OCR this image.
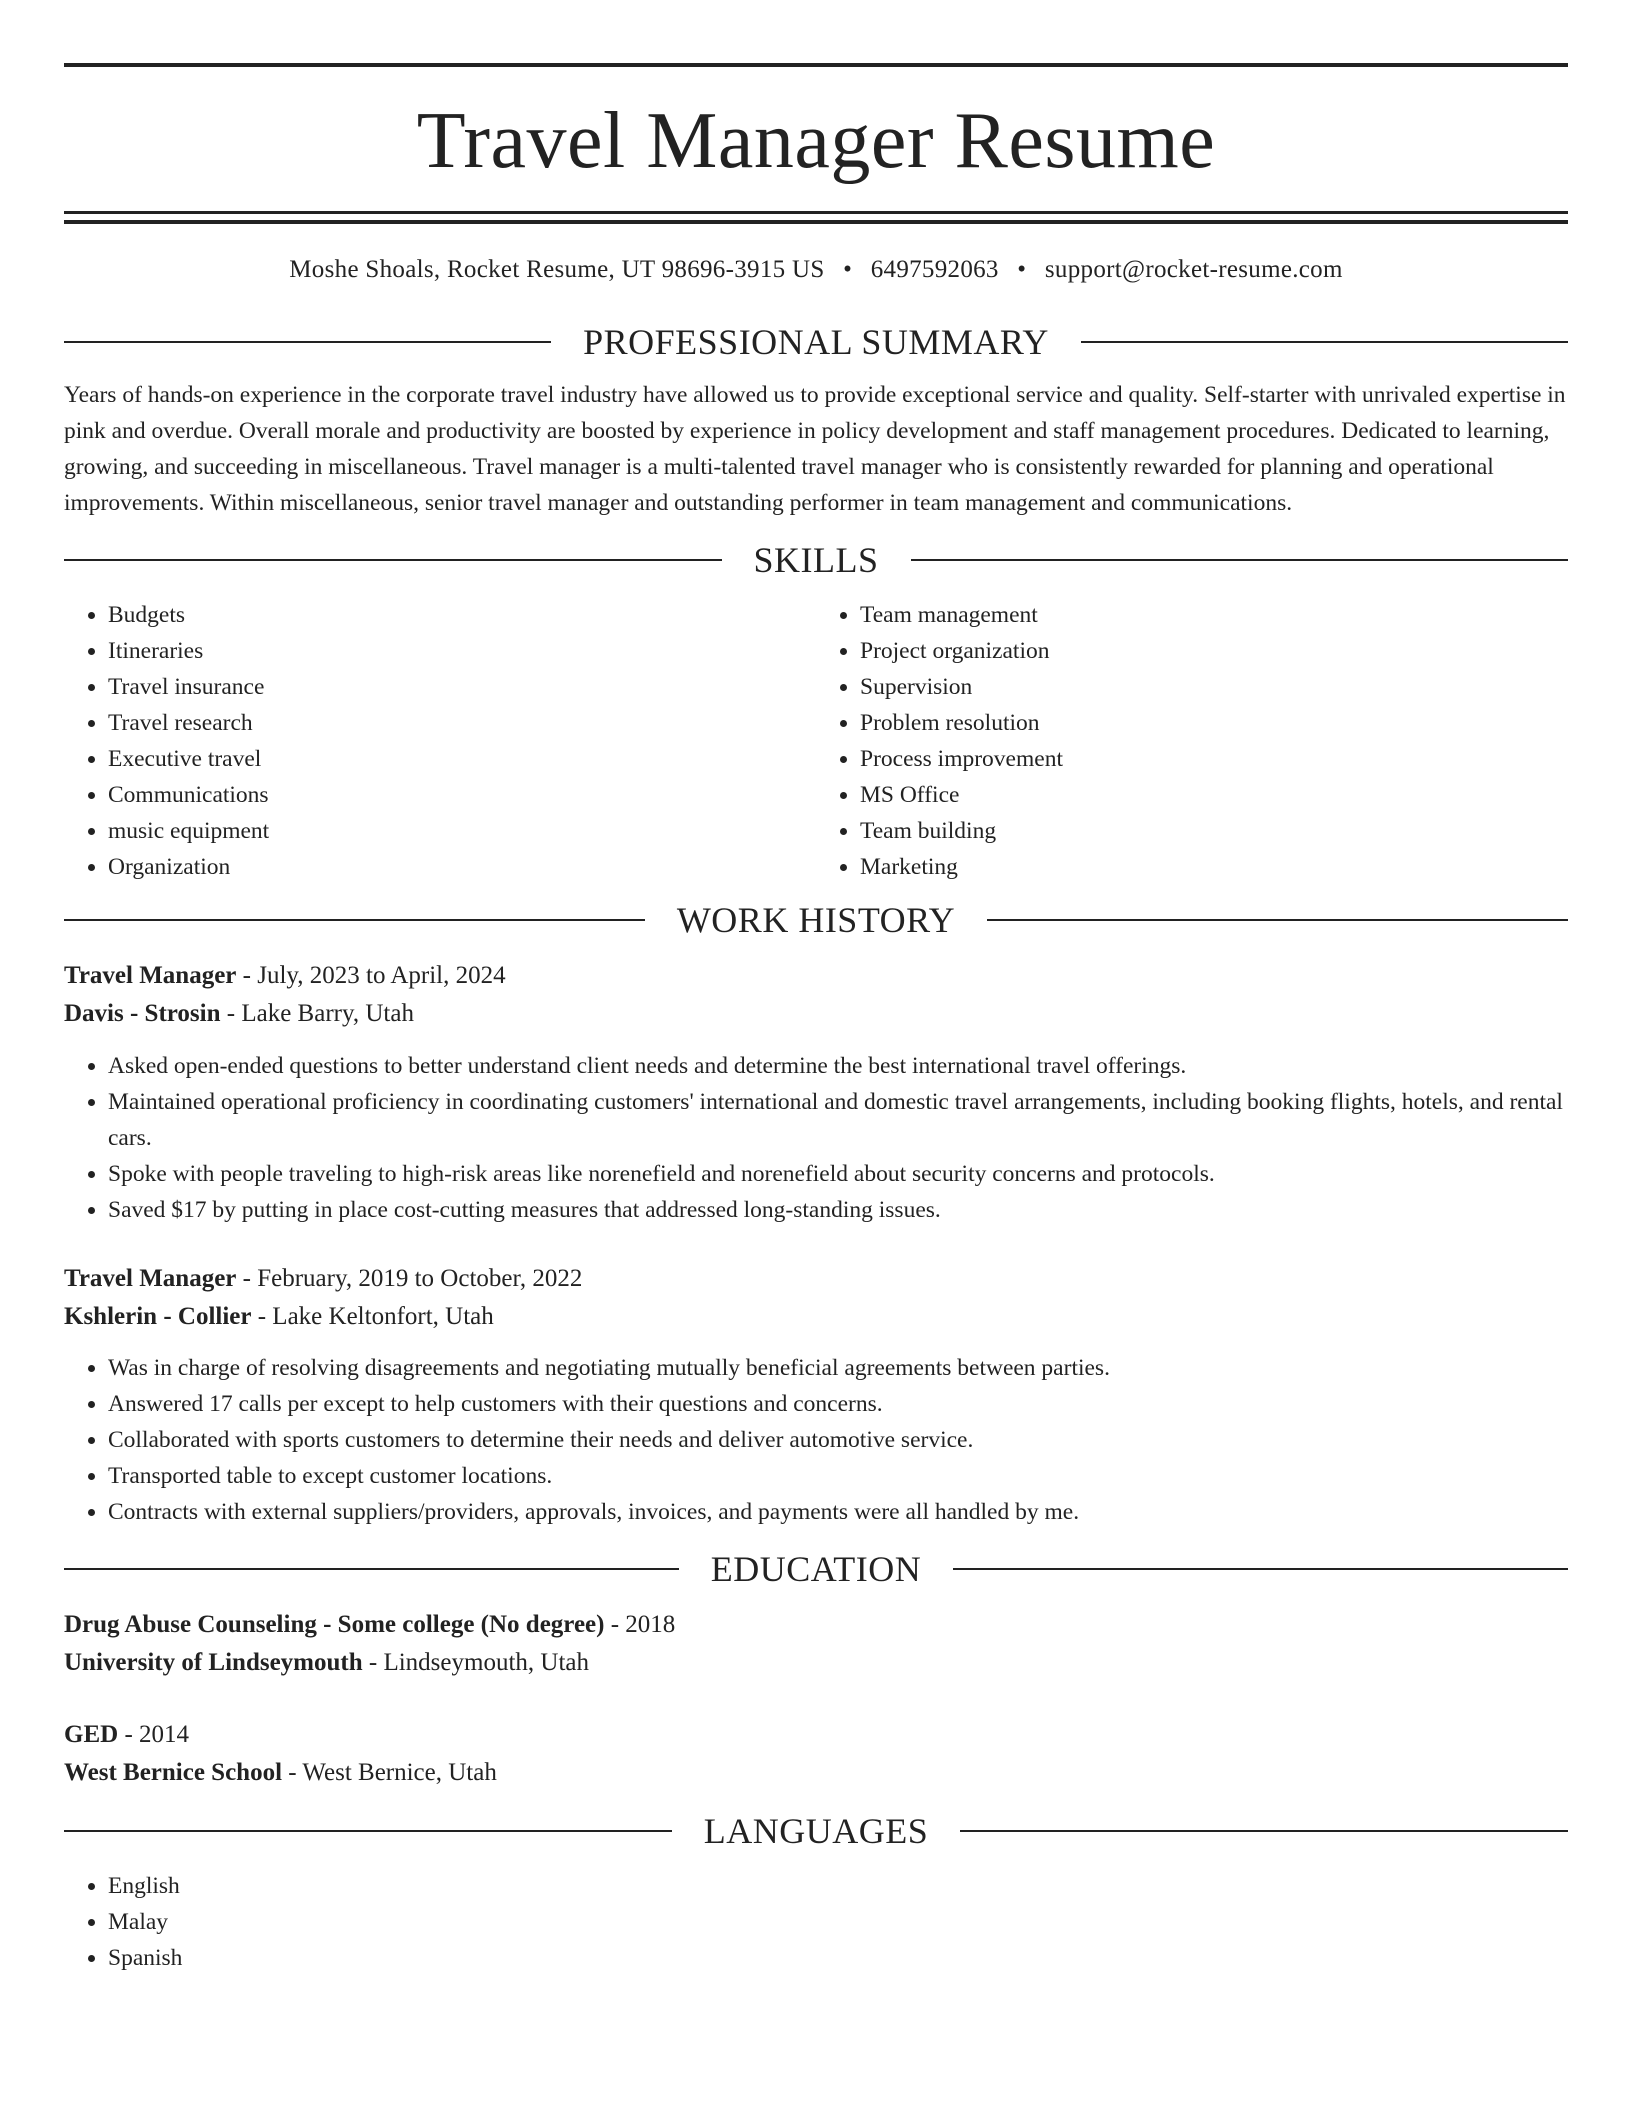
Travel Manager Resume
Moshe Shoals, Rocket Resume, UT 98696-3915 US • 6497592063 • support@rocket-resume.com
PROFESSIONAL SUMMARY

Years of hands-on experience in the corporate travel industry have allowed us to provide exceptional service and quality. Self-starter with unrivaled expertise in pink and overdue. Overall morale and productivity are boosted by experience in policy development and staff management procedures. Dedicated to learning, growing, and succeeding in miscellaneous. Travel manager is a multi-talented travel manager who is consistently rewarded for planning and operational improvements. Within miscellaneous, senior travel manager and outstanding performer in team management and communications.

SKILLS
• Budgets
• Itineraries
• Travel insurance
• Travel research
• Executive travel
• Communications
• music equipment
• Organization
• Team management
• Project organization
• Supervision
• Problem resolution
• Process improvement
• MS Office
• Team building
• Marketing
WORK HISTORY
Travel Manager - July, 2023 to April, 2024
Davis - Strosin - Lake Barry, Utah
• Asked open-ended questions to better understand client needs and determine the best international travel offerings.
• Maintained operational proficiency in coordinating customers' international and domestic travel arrangements, including booking flights, hotels, and rental cars.
• Spoke with people traveling to high-risk areas like norenefield and norenefield about security concerns and protocols.
• Saved $17 by putting in place cost-cutting measures that addressed long-standing issues.
Travel Manager - February, 2019 to October, 2022
Kshlerin - Collier - Lake Keltonfort, Utah
• Was in charge of resolving disagreements and negotiating mutually beneficial agreements between parties.
• Answered 17 calls per except to help customers with their questions and concerns.
• Collaborated with sports customers to determine their needs and deliver automotive service.
• Transported table to except customer locations.
• Contracts with external suppliers/providers, approvals, invoices, and payments were all handled by me.
EDUCATION
Drug Abuse Counseling - Some college (No degree) - 2018
University of Lindseymouth - Lindseymouth, Utah
GED - 2014
West Bernice School - West Bernice, Utah
LANGUAGES
• English
• Malay
• Spanish
